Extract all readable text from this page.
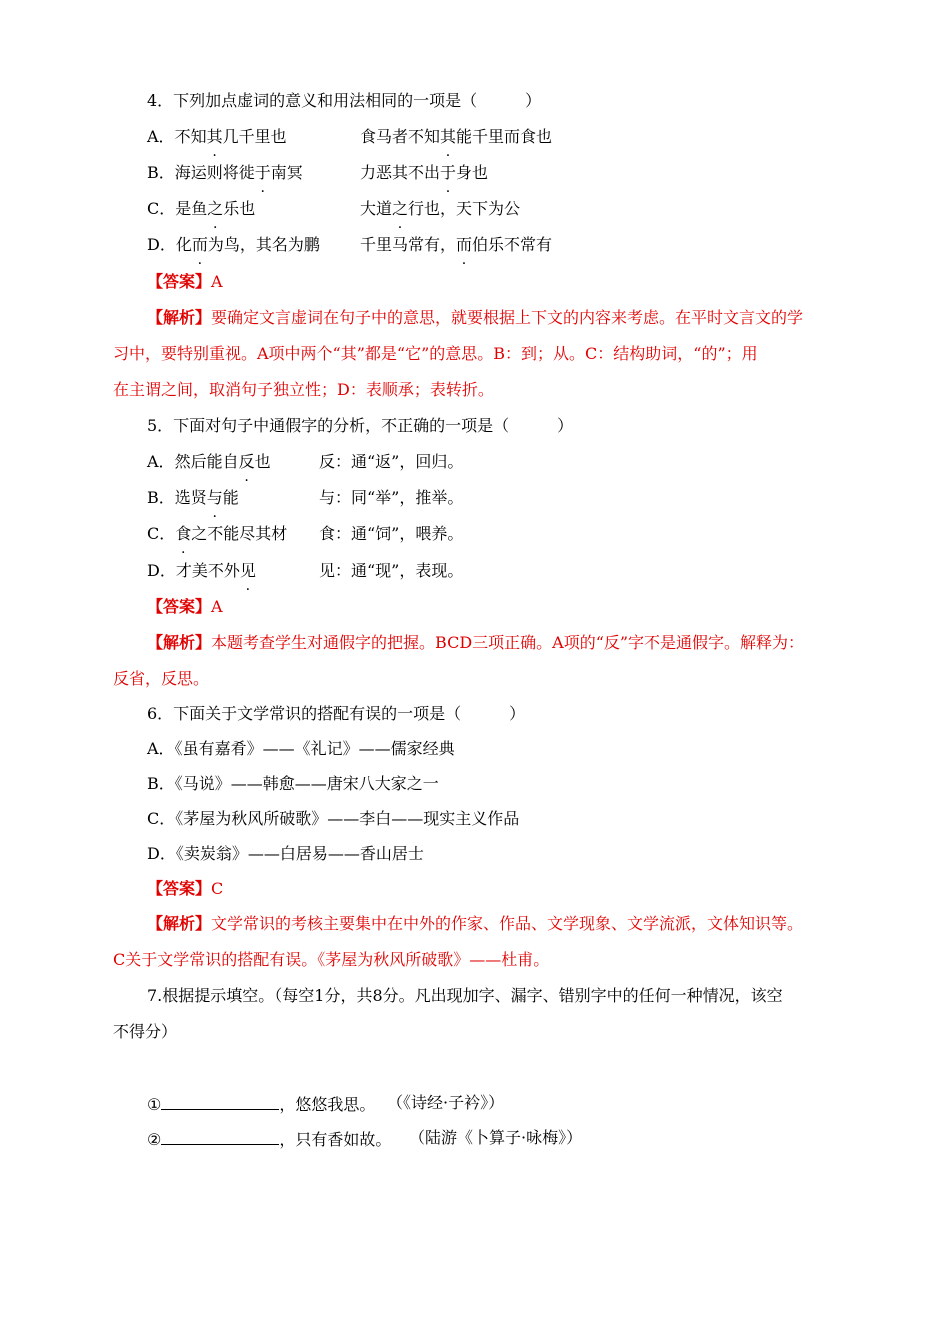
4．下列加点虚词的意义和用法相同的一项是（　　　）
A．不知其几千里也	食马者不知其能千里而食也
B．海运则将徙于南冥	力恶其不出于身也
C．是鱼之乐也	大道之行也，天下为公
D．化而为鸟，其名为鹏	千里马常有，而伯乐不常有
【答案】A
【解析】要确定文言虚词在句子中的意思，就要根据上下文的内容来考虑。在平时文言文的学
习中，要特别重视。A项中两个“其”都是“它”的意思。B：到；从。C：结构助词，“的”；用
在主谓之间，取消句子独立性；D：表顺承；表转折。
5．下面对句子中通假字的分析，不正确的一项是（　　　）
A．然后能自反也	反：通“返”，回归。
B．选贤与能	与：同“举”，推举。
C．食之不能尽其材 食：通“饲”，喂养。
D．才美不外见	见：通“现”，表现。
【答案】A
【解析】本题考查学生对通假字的把握。BCD三项正确。A项的“反”字不是通假字。解释为：
反省，反思。
6．下面关于文学常识的搭配有误的一项是（　　　）
A．《虽有嘉肴》——《礼记》——儒家经典
B．《马说》——韩愈——唐宋八大家之一
C．《茅屋为秋风所破歌》——李白——现实主义作品
D．《卖炭翁》——白居易——香山居士
【答案】C
【解析】文学常识的考核主要集中在中外的作家、作品、文学现象、文学流派，文体知识等。
C关于文学常识的搭配有误。《茅屋为秋风所破歌》——杜甫。
7.根据提示填空。（每空1分，共8分。凡出现加字、漏字、错别字中的任何一种情况，该空
不得分）
①	，悠悠我思。 （《诗经·子衿》）
②	，只有香如故。 （陆游《卜算子·咏梅》）
